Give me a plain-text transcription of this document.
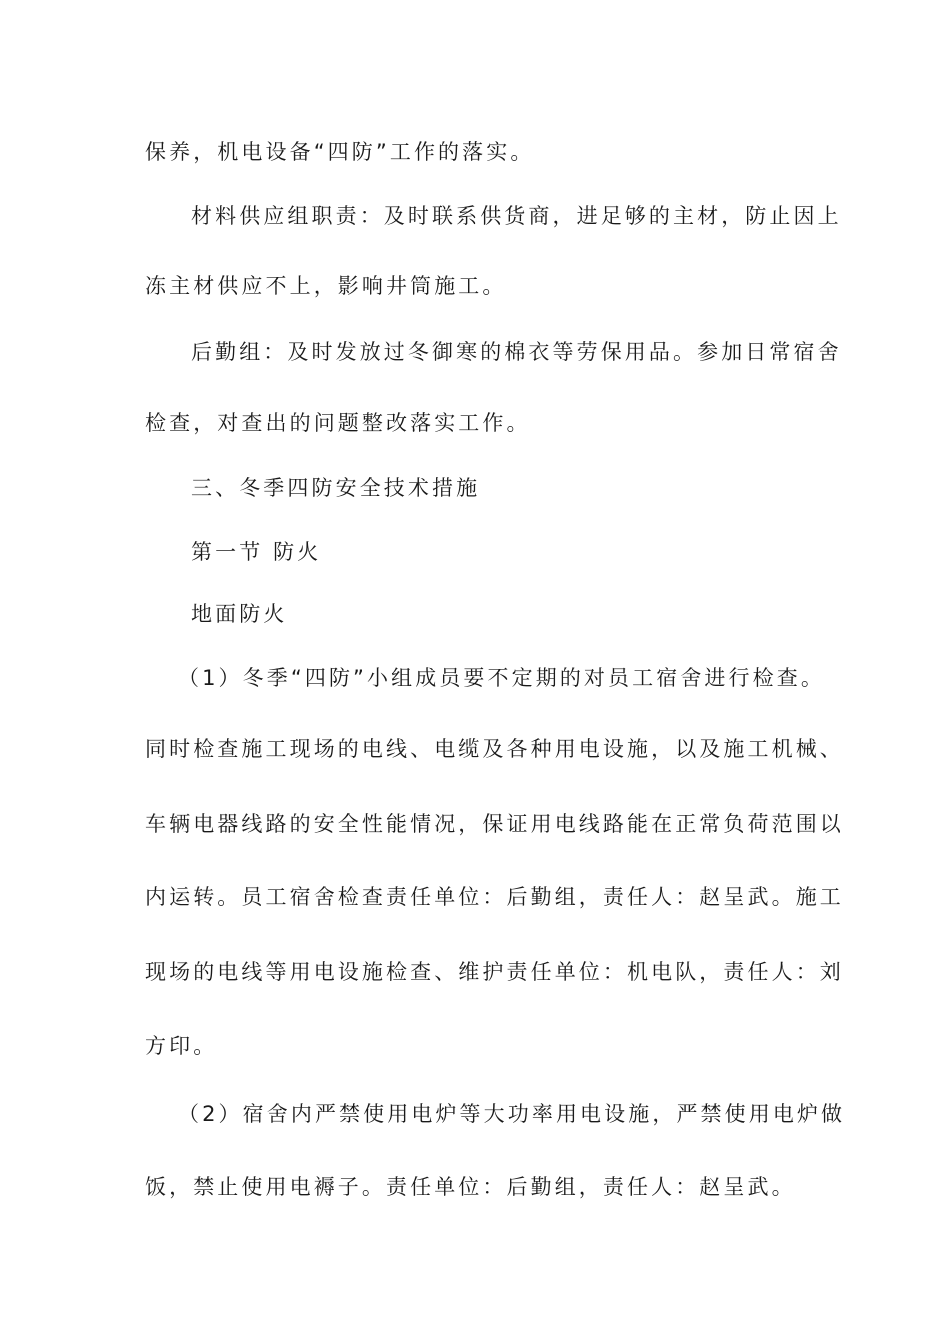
保养，机电设备“四防”工作的落实。
材料供应组职责：及时联系供货商，进足够的主材，防止因上
冻主材供应不上，影响井筒施工。
后勤组：及时发放过冬御寒的棉衣等劳保用品。参加日常宿舍
检查，对查出的问题整改落实工作。
三、冬季四防安全技术措施
第一节 防火
地面防火
（1）冬季“四防”小组成员要不定期的对员工宿舍进行检查。
同时检查施工现场的电线、电缆及各种用电设施，以及施工机械、
车辆电器线路的安全性能情况，保证用电线路能在正常负荷范围以
内运转。员工宿舍检查责任单位：后勤组，责任人：赵呈武。施工
现场的电线等用电设施检查、维护责任单位：机电队，责任人：刘
方印。
（2）宿舍内严禁使用电炉等大功率用电设施，严禁使用电炉做
饭，禁止使用电褥子。责任单位：后勤组，责任人：赵呈武。
